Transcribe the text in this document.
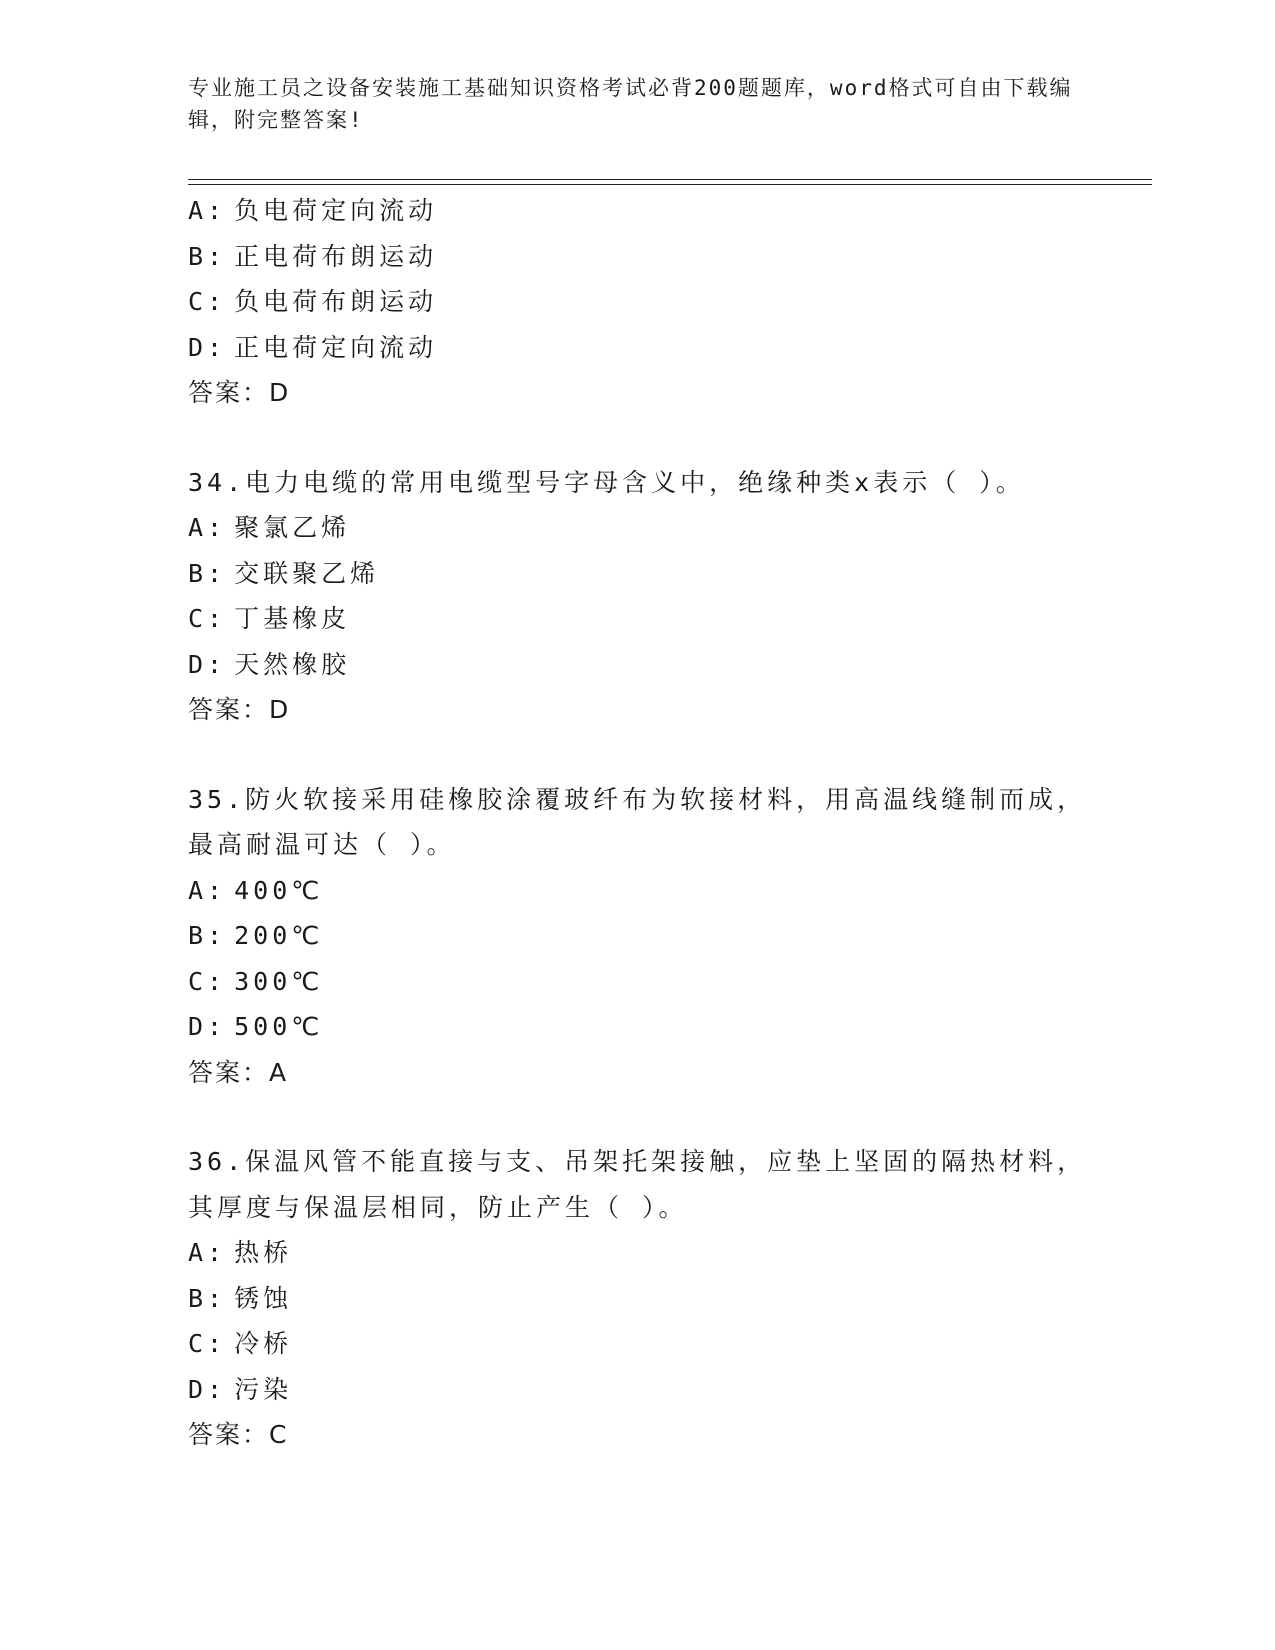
专业施工员之设备安装施工基础知识资格考试必背200题题库，word格式可自由下载编辑，附完整答案!
A: 负电荷定向流动
B: 正电荷布朗运动
C: 负电荷布朗运动
D: 正电荷定向流动
答案：D
34.电力电缆的常用电缆型号字母含义中，绝缘种类x表示（ ）。
A: 聚氯乙烯
B: 交联聚乙烯
C: 丁基橡皮
D: 天然橡胶
答案：D
35.防火软接采用硅橡胶涂覆玻纤布为软接材料，用高温线缝制而成，
最高耐温可达（ ）。
A: 400℃
B: 200℃
C: 300℃
D: 500℃
答案：A
36.保温风管不能直接与支、吊架托架接触，应垫上坚固的隔热材料，
其厚度与保温层相同，防止产生（ ）。
A: 热桥
B: 锈蚀
C: 冷桥
D: 污染
答案：C
